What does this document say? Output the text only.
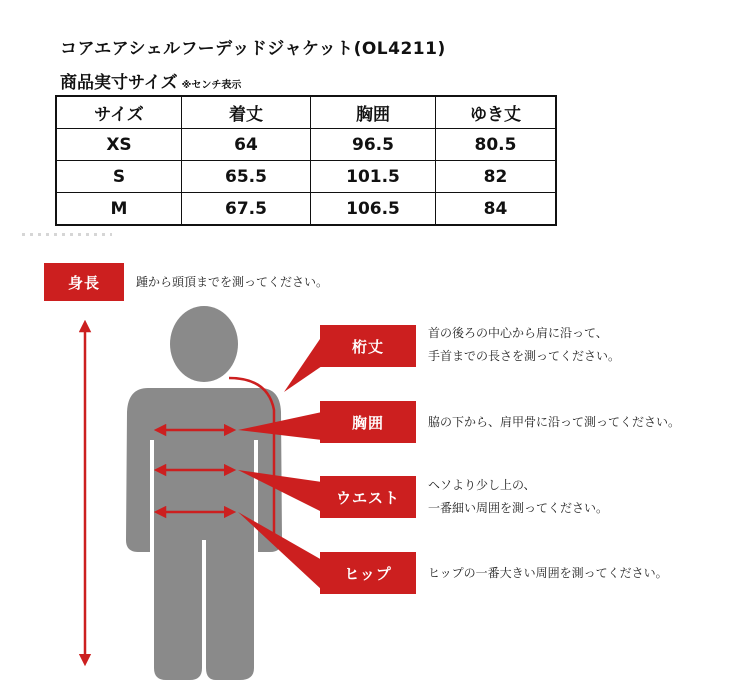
コアエアシェルフーデッドジャケット(OL4211)
商品実寸サイズ ※センチ表示
サイズ	着丈	胸囲	ゆき丈
XS	64	96.5	80.5
S	65.5	101.5	82
M	67.5	106.5	84
身長	踵から頭頂までを測ってください。
桁丈
首の後ろの中心から肩に沿って、
手首までの長さを測ってください。
胸囲	脇の下から、肩甲骨に沿って測ってください。
ウエスト
ヘソより少し上の、
一番細い周囲を測ってください。
ヒップ	ヒップの一番大きい周囲を測ってください。
